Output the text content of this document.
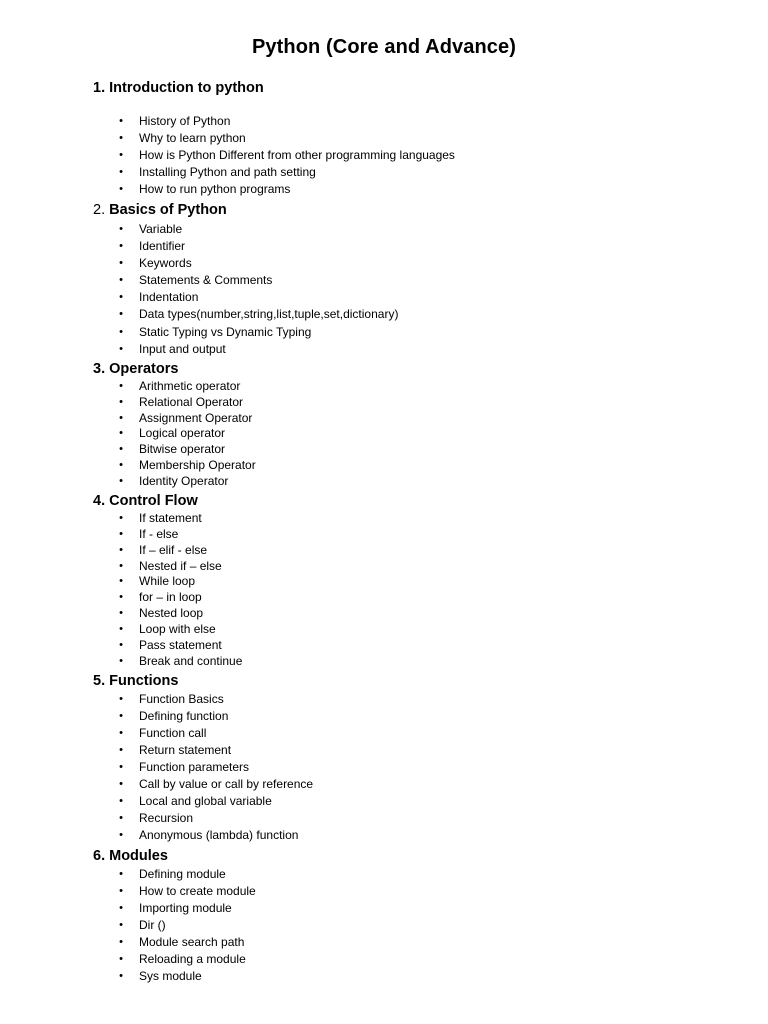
Python (Core and Advance)
1. Introduction to python
• History of Python
• Why to learn python
• How is Python Different from other programming languages
• Installing Python and path setting
• How to run python programs
2. Basics of Python
• Variable
• Identifier
• Keywords
• Statements & Comments
• Indentation
• Data types(number,string,list,tuple,set,dictionary)
• Static Typing vs Dynamic Typing
• Input and output
3. Operators
• Arithmetic operator
• Relational Operator
• Assignment Operator
• Logical operator
• Bitwise operator
• Membership Operator
• Identity Operator
4. Control Flow
• If statement
• If - else
• If – elif - else
• Nested if – else
• While loop
• for – in loop
• Nested loop
• Loop with else
• Pass statement
• Break and continue
5. Functions
• Function Basics
• Defining function
• Function call
• Return statement
• Function parameters
• Call by value or call by reference
• Local and global variable
• Recursion
• Anonymous (lambda) function
6. Modules
• Defining module
• How to create module
• Importing module
• Dir ()
• Module search path
• Reloading a module
• Sys module
